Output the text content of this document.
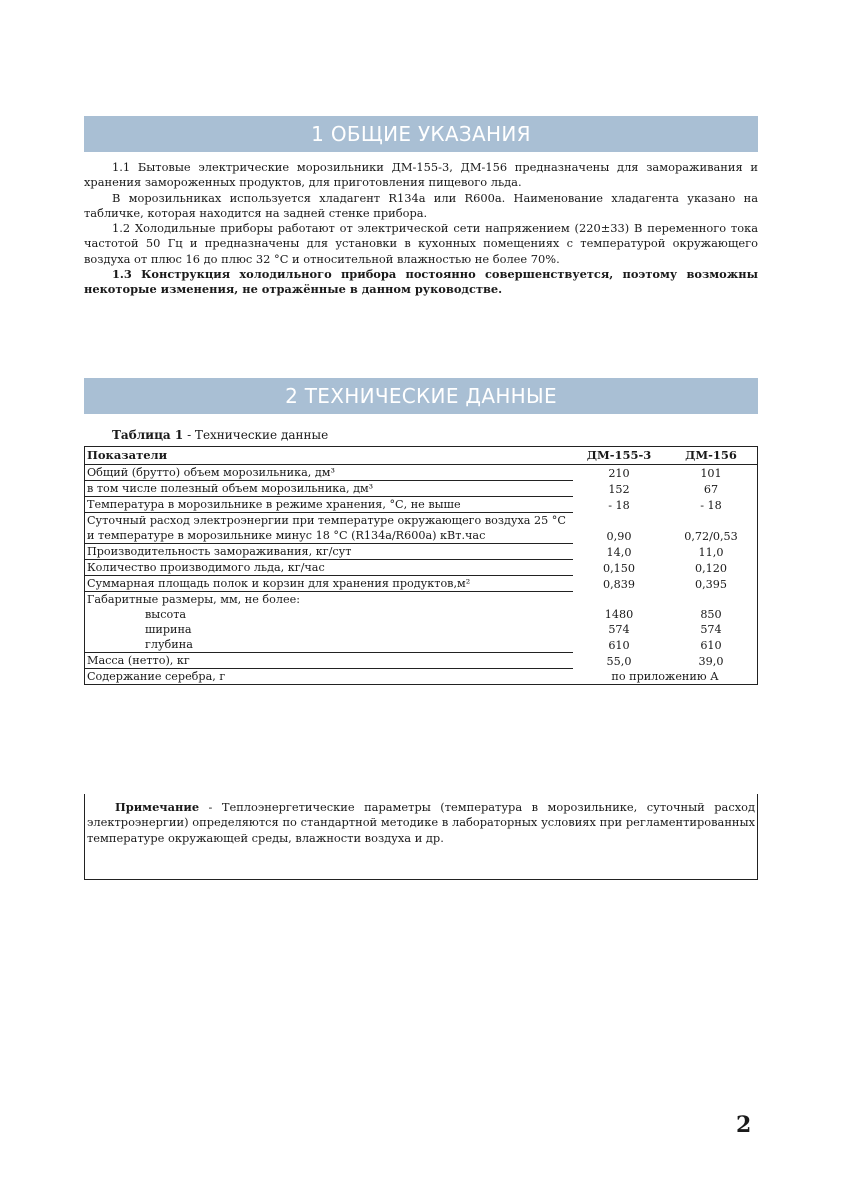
1 ОБЩИЕ УКАЗАНИЯ

1.1 Бытовые электрические морозильники ДМ-155-3, ДМ-156 предназначены для замораживания и хранения замороженных продуктов, для приготовления пищевого льда.

В морозильниках используется хладагент R134a или R600a. Наименование хладагента указано на табличке, которая находится на задней стенке прибора.

1.2 Холодильные приборы работают от электрической сети напряжением (220±33) В переменного тока частотой 50 Гц и предназначены для установки в кухонных помещениях с температурой окружающего воздуха от плюс 16 до плюс 32 °С и относительной влажностью не более 70%.

1.3 Конструкция холодильного прибора постоянно совершенствуется, поэтому возможны некоторые изменения, не отражённые в данном руководстве.

2 ТЕХНИЧЕСКИЕ ДАННЫЕ
Таблица 1 - Технические данные
Показатели	ДМ-155-3	ДМ-156
Общий (брутто) объем морозильника, дм³	210	101
в том числе полезный объем морозильника, дм³	152	67
Температура в морозильнике в режиме хранения, °С, не выше	- 18	- 18
Суточный расход электроэнергии при температуре окружающего воздуха 25 °С и температуре в морозильнике минус 18 °С (R134a/R600a) кВт.час	0,90	0,72/0,53
Производительность замораживания, кг/сут	14,0	11,0
Количество производимого льда, кг/час	0,150	0,120
Суммарная площадь полок и корзин для хранения продуктов,м²	0,839	0,395
Габаритные размеры, мм, не более:		
высота	1480	850
ширина	574	574
глубина	610	610
Масса (нетто), кг	55,0	39,0
Содержание серебра, г	по приложению А	

Примечание - Теплоэнергетические параметры (температура в морозильнике, суточный расход электроэнергии) определяются по стандартной методике в лабораторных условиях при регламентированных температуре окружающей среды, влажности воздуха и др.

2
